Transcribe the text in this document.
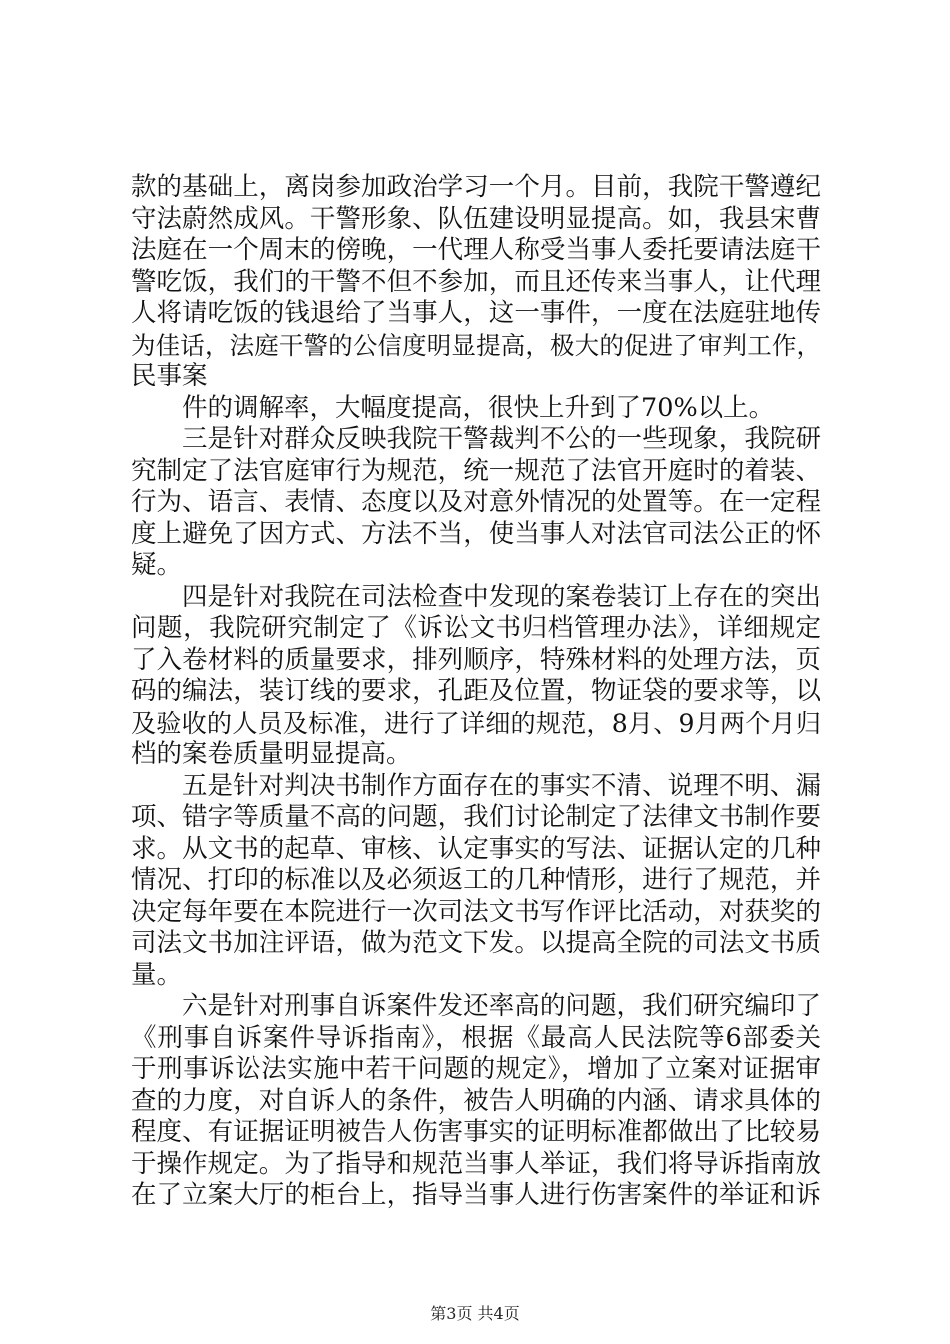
款的基础上，离岗参加政治学习一个月。目前，我院干警遵纪
守法蔚然成风。干警形象、队伍建设明显提高。如，我县宋曹
法庭在一个周末的傍晚，一代理人称受当事人委托要请法庭干
警吃饭，我们的干警不但不参加，而且还传来当事人，让代理
人将请吃饭的钱退给了当事人，这一事件，一度在法庭驻地传
为佳话，法庭干警的公信度明显提高，极大的促进了审判工作，
民事案
件的调解率，大幅度提高，很快上升到了70%以上。
三是针对群众反映我院干警裁判不公的一些现象，我院研
究制定了法官庭审行为规范，统一规范了法官开庭时的着装、
行为、语言、表情、态度以及对意外情况的处置等。在一定程
度上避免了因方式、方法不当，使当事人对法官司法公正的怀
疑。
四是针对我院在司法检查中发现的案卷装订上存在的突出
问题，我院研究制定了《诉讼文书归档管理办法》，详细规定
了入卷材料的质量要求，排列顺序，特殊材料的处理方法，页
码的编法，装订线的要求，孔距及位置，物证袋的要求等，以
及验收的人员及标准，进行了详细的规范，8月、9月两个月归
档的案卷质量明显提高。
五是针对判决书制作方面存在的事实不清、说理不明、漏
项、错字等质量不高的问题，我们讨论制定了法律文书制作要
求。从文书的起草、审核、认定事实的写法、证据认定的几种
情况、打印的标准以及必须返工的几种情形，进行了规范，并
决定每年要在本院进行一次司法文书写作评比活动，对获奖的
司法文书加注评语，做为范文下发。以提高全院的司法文书质
量。
六是针对刑事自诉案件发还率高的问题，我们研究编印了
《刑事自诉案件导诉指南》，根据《最高人民法院等6部委关
于刑事诉讼法实施中若干问题的规定》，增加了立案对证据审
查的力度，对自诉人的条件，被告人明确的内涵、请求具体的
程度、有证据证明被告人伤害事实的证明标准都做出了比较易
于操作规定。为了指导和规范当事人举证，我们将导诉指南放
在了立案大厅的柜台上，指导当事人进行伤害案件的举证和诉
第3页 共4页
